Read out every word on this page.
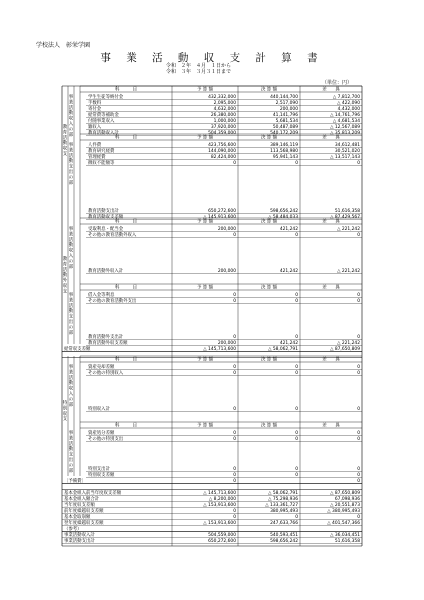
学校法人　彰栄学園
事 業 活 動 収 支 計 算 書
令和　２年　４月　１日から
令和　３年　３月３１日まで
（単位：円）
科　　　目	予 算 額	決 算 額	差　　異
科　　　目	予 算 額	決 算 額	差　　異
科　　　目	予 算 額	決 算 額	差　　異
科　　　目	予 算 額	決 算 額	差　　異
科　　　目	予 算 額	決 算 額	差　　異
科　　　目	予 算 額	決 算 額	差　　異
教
育
活
動
収
支
教
育
活
動
外
収
支
特
別
収
支
事
業
活
動
収
入
の
部
事
業
活
動
支
出
の
部
事
業
活
動
収
入
の
部
事
業
活
動
支
出
の
部
事
業
活
動
収
入
の
部
事
業
活
動
支
出
の
部
学生生徒等納付金	432,332,000	440,144,700	△ 7,812,700
手数料	2,095,000	2,517,090	△ 422,090
寄付金	4,632,000	200,000	4,432,000
経常費等補助金	26,380,000	41,141,796	△ 14,761,796
付随事業収入	1,000,000	5,681,534	△ 4,681,534
雑収入	37,920,000	50,487,089	△ 12,567,089
教育活動収入計	504,359,000	540,172,209	△ 35,813,209
人件費	423,756,600	389,146,119	34,612,481
教育研究経費	144,090,000	113,568,980	30,521,020
管理経費	82,424,000	95,941,143	△ 13,517,143
徴収不能額等	0	0	0
教育活動支出計	650,272,600	598,656,242	51,616,358
教育活動収支差額	△ 145,913,600	△ 58,484,033	△ 87,429,567
受取利息・配当金	200,000	421,242	△ 221,242
その他の教育活動外収入	0	0	0
教育活動外収入計	200,000	421,242	△ 221,242
借入金等利息	0	0	0
その他の教育活動外支出	0	0	0
教育活動外支出計	0	0	0
教育活動外収支差額	200,000	421,242	△ 221,242
経常収支差額	△ 145,713,600	△ 58,062,791	△ 87,650,809
資産売却差額	0	0	0
その他の特別収入	0	0	0
特別収入計	0	0	0
資産処分差額	0	0	0
その他の特別支出	0	0	0
特別支出計	0	0	0
特別収支差額	0	0	0
〔予備費〕	0	0
基本金組入前当年度収支差額	△ 145,713,600	△ 58,062,791	△ 87,650,809
基本金組入額合計	△ 8,200,000	△ 75,298,936	67,098,936
当年度収支差額	△ 153,913,600	△ 133,361,727	△ 20,551,873
前年度繰越収支差額	0	380,995,493	△ 380,995,493
基本金取崩額	0	0	0
翌年度繰越収支差額	△ 153,913,600	247,633,766	△ 401,547,366
（参考）
事業活動収入計	504,559,000	540,593,451	△ 36,034,451
事業活動支出計	650,272,600	598,656,242	51,616,358
